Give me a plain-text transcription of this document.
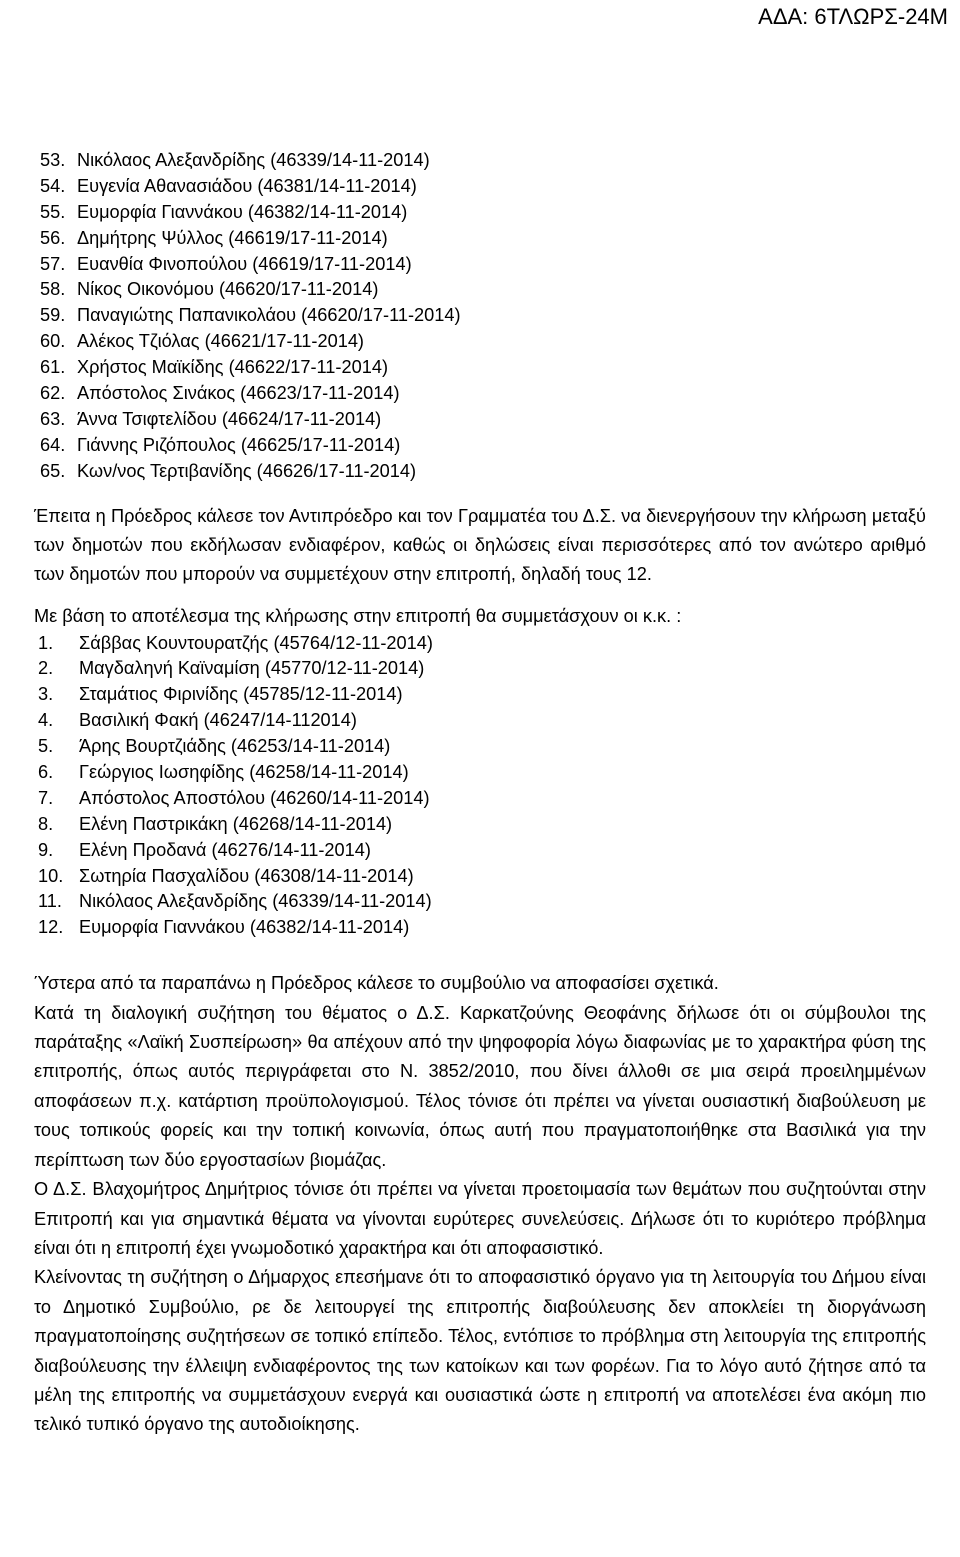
ΑΔΑ: 6ΤΛΩΡΣ-24Μ
53. Νικόλαος Αλεξανδρίδης (46339/14-11-2014)
54. Ευγενία Αθανασιάδου (46381/14-11-2014)
55. Ευμορφία Γιαννάκου (46382/14-11-2014)
56. Δημήτρης Ψύλλος (46619/17-11-2014)
57. Ευανθία Φινοπούλου (46619/17-11-2014)
58. Νίκος Οικονόμου (46620/17-11-2014)
59. Παναγιώτης Παπανικολάου (46620/17-11-2014)
60. Αλέκος Τζιόλας (46621/17-11-2014)
61. Χρήστος Μαϊκίδης (46622/17-11-2014)
62. Απόστολος Σινάκος (46623/17-11-2014)
63. Άννα Τσιφτελίδου (46624/17-11-2014)
64. Γιάννης Ριζόπουλος (46625/17-11-2014)
65. Κων/νος Τερτιβανίδης (46626/17-11-2014)

Έπειτα η Πρόεδρος κάλεσε τον Αντιπρόεδρο και τον Γραμματέα του Δ.Σ. να διενεργήσουν την κλήρωση μεταξύ των δημοτών που εκδήλωσαν ενδιαφέρον, καθώς οι δηλώσεις είναι περισσότερες από τον ανώτερο αριθμό των δημοτών που μπορούν να συμμετέχουν στην επιτροπή, δηλαδή τους 12.

Με βάση το αποτέλεσμα της κλήρωσης στην επιτροπή θα συμμετάσχουν οι κ.κ. :

1.	Σάββας Κουντουρατζής (45764/12-11-2014)
2.	Μαγδαληνή Καϊναμίση (45770/12-11-2014)
3.	Σταμάτιος Φιρινίδης (45785/12-11-2014)
4.	Βασιλική Φακή (46247/14-112014)
5.	Άρης Βουρτζιάδης (46253/14-11-2014)
6.	Γεώργιος Ιωσηφίδης (46258/14-11-2014)
7.	Απόστολος Αποστόλου (46260/14-11-2014)
8.	Ελένη Παστρικάκη (46268/14-11-2014)
9.	Ελένη Προδανά (46276/14-11-2014)
10. Σωτηρία Πασχαλίδου (46308/14-11-2014)
11. Νικόλαος Αλεξανδρίδης (46339/14-11-2014)
12. Ευμορφία Γιαννάκου (46382/14-11-2014)

Ύστερα από τα παραπάνω η Πρόεδρος κάλεσε το συμβούλιο να αποφασίσει σχετικά.

Κατά τη διαλογική συζήτηση του θέματος ο Δ.Σ. Καρκατζούνης Θεοφάνης δήλωσε ότι οι σύμβουλοι της παράταξης «Λαϊκή Συσπείρωση» θα απέχουν από την ψηφοφορία λόγω διαφωνίας με το χαρακτήρα φύση της επιτροπής, όπως αυτός περιγράφεται στο Ν. 3852/2010, που δίνει άλλοθι σε μια σειρά προειλημμένων αποφάσεων π.χ. κατάρτιση προϋπολογισμού. Τέλος τόνισε ότι πρέπει να γίνεται ουσιαστική διαβούλευση με τους τοπικούς φορείς και την τοπική κοινωνία, όπως αυτή που πραγματοποιήθηκε στα Βασιλικά για την περίπτωση των δύο εργοστασίων βιομάζας.

Ο Δ.Σ. Βλαχομήτρος Δημήτριος τόνισε ότι πρέπει να γίνεται προετοιμασία των θεμάτων που συζητούνται στην Επιτροπή και για σημαντικά θέματα να γίνονται ευρύτερες συνελεύσεις. Δήλωσε ότι το κυριότερο πρόβλημα είναι ότι η επιτροπή έχει γνωμοδοτικό χαρακτήρα και ότι αποφασιστικό.

Κλείνοντας τη συζήτηση ο Δήμαρχος επεσήμανε ότι το αποφασιστικό όργανο για τη λειτουργία του Δήμου είναι το Δημοτικό Συμβούλιο, ρε δε λειτουργεί της επιτροπής διαβούλευσης δεν αποκλείει τη διοργάνωση πραγματοποίησης συζητήσεων σε τοπικό επίπεδο. Τέλος, εντόπισε το πρόβλημα στη λειτουργία της επιτροπής διαβούλευσης την έλλειψη ενδιαφέροντος της των κατοίκων και των φορέων. Για το λόγο αυτό ζήτησε από τα μέλη της επιτροπής να συμμετάσχουν ενεργά και ουσιαστικά ώστε η επιτροπή να αποτελέσει ένα ακόμη πιο τελικό τυπικό όργανο της αυτοδιοίκησης.
